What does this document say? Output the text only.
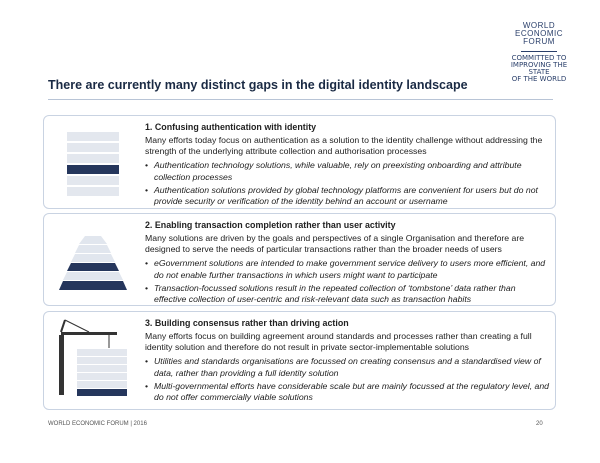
There are currently many distinct gaps in the digital identity landscape
WORLD
ECONOMIC
FORUM
COMMITTED TO
IMPROVING THE STATE
OF THE WORLD
1. Confusing authentication with identity

Many efforts today focus on authentication as a solution to the identity challenge without addressing the strength of the underlying attribute collection and authorisation processes

• Authentication technology solutions, while valuable, rely on preexisting onboarding and attribute collection processes
• Authentication solutions provided by global technology platforms are convenient for users but do not provide security or verification of the identity behind an account or username
2. Enabling transaction completion rather than user activity

Many solutions are driven by the goals and perspectives of a single Organisation and therefore are designed to serve the needs of particular transactions rather than the broader needs of users

• eGovernment solutions are intended to make government service delivery to users more efficient, and do not enable further transactions in which users might want to participate
• Transaction-focussed solutions result in the repeated collection of ‘tombstone’ data rather than effective collection of user-centric and risk-relevant data such as transaction habits
3. Building consensus rather than driving action

Many efforts focus on building agreement around standards and processes rather than creating a full identity solution and therefore do not result in private sector-implementable solutions

• Utilities and standards organisations are focussed on creating consensus and a standardised view of data, rather than providing a full identity solution
• Multi-governmental efforts have considerable scale but are mainly focussed at the regulatory level, and do not offer commercially viable solutions
WORLD ECONOMIC FORUM | 2016	20
